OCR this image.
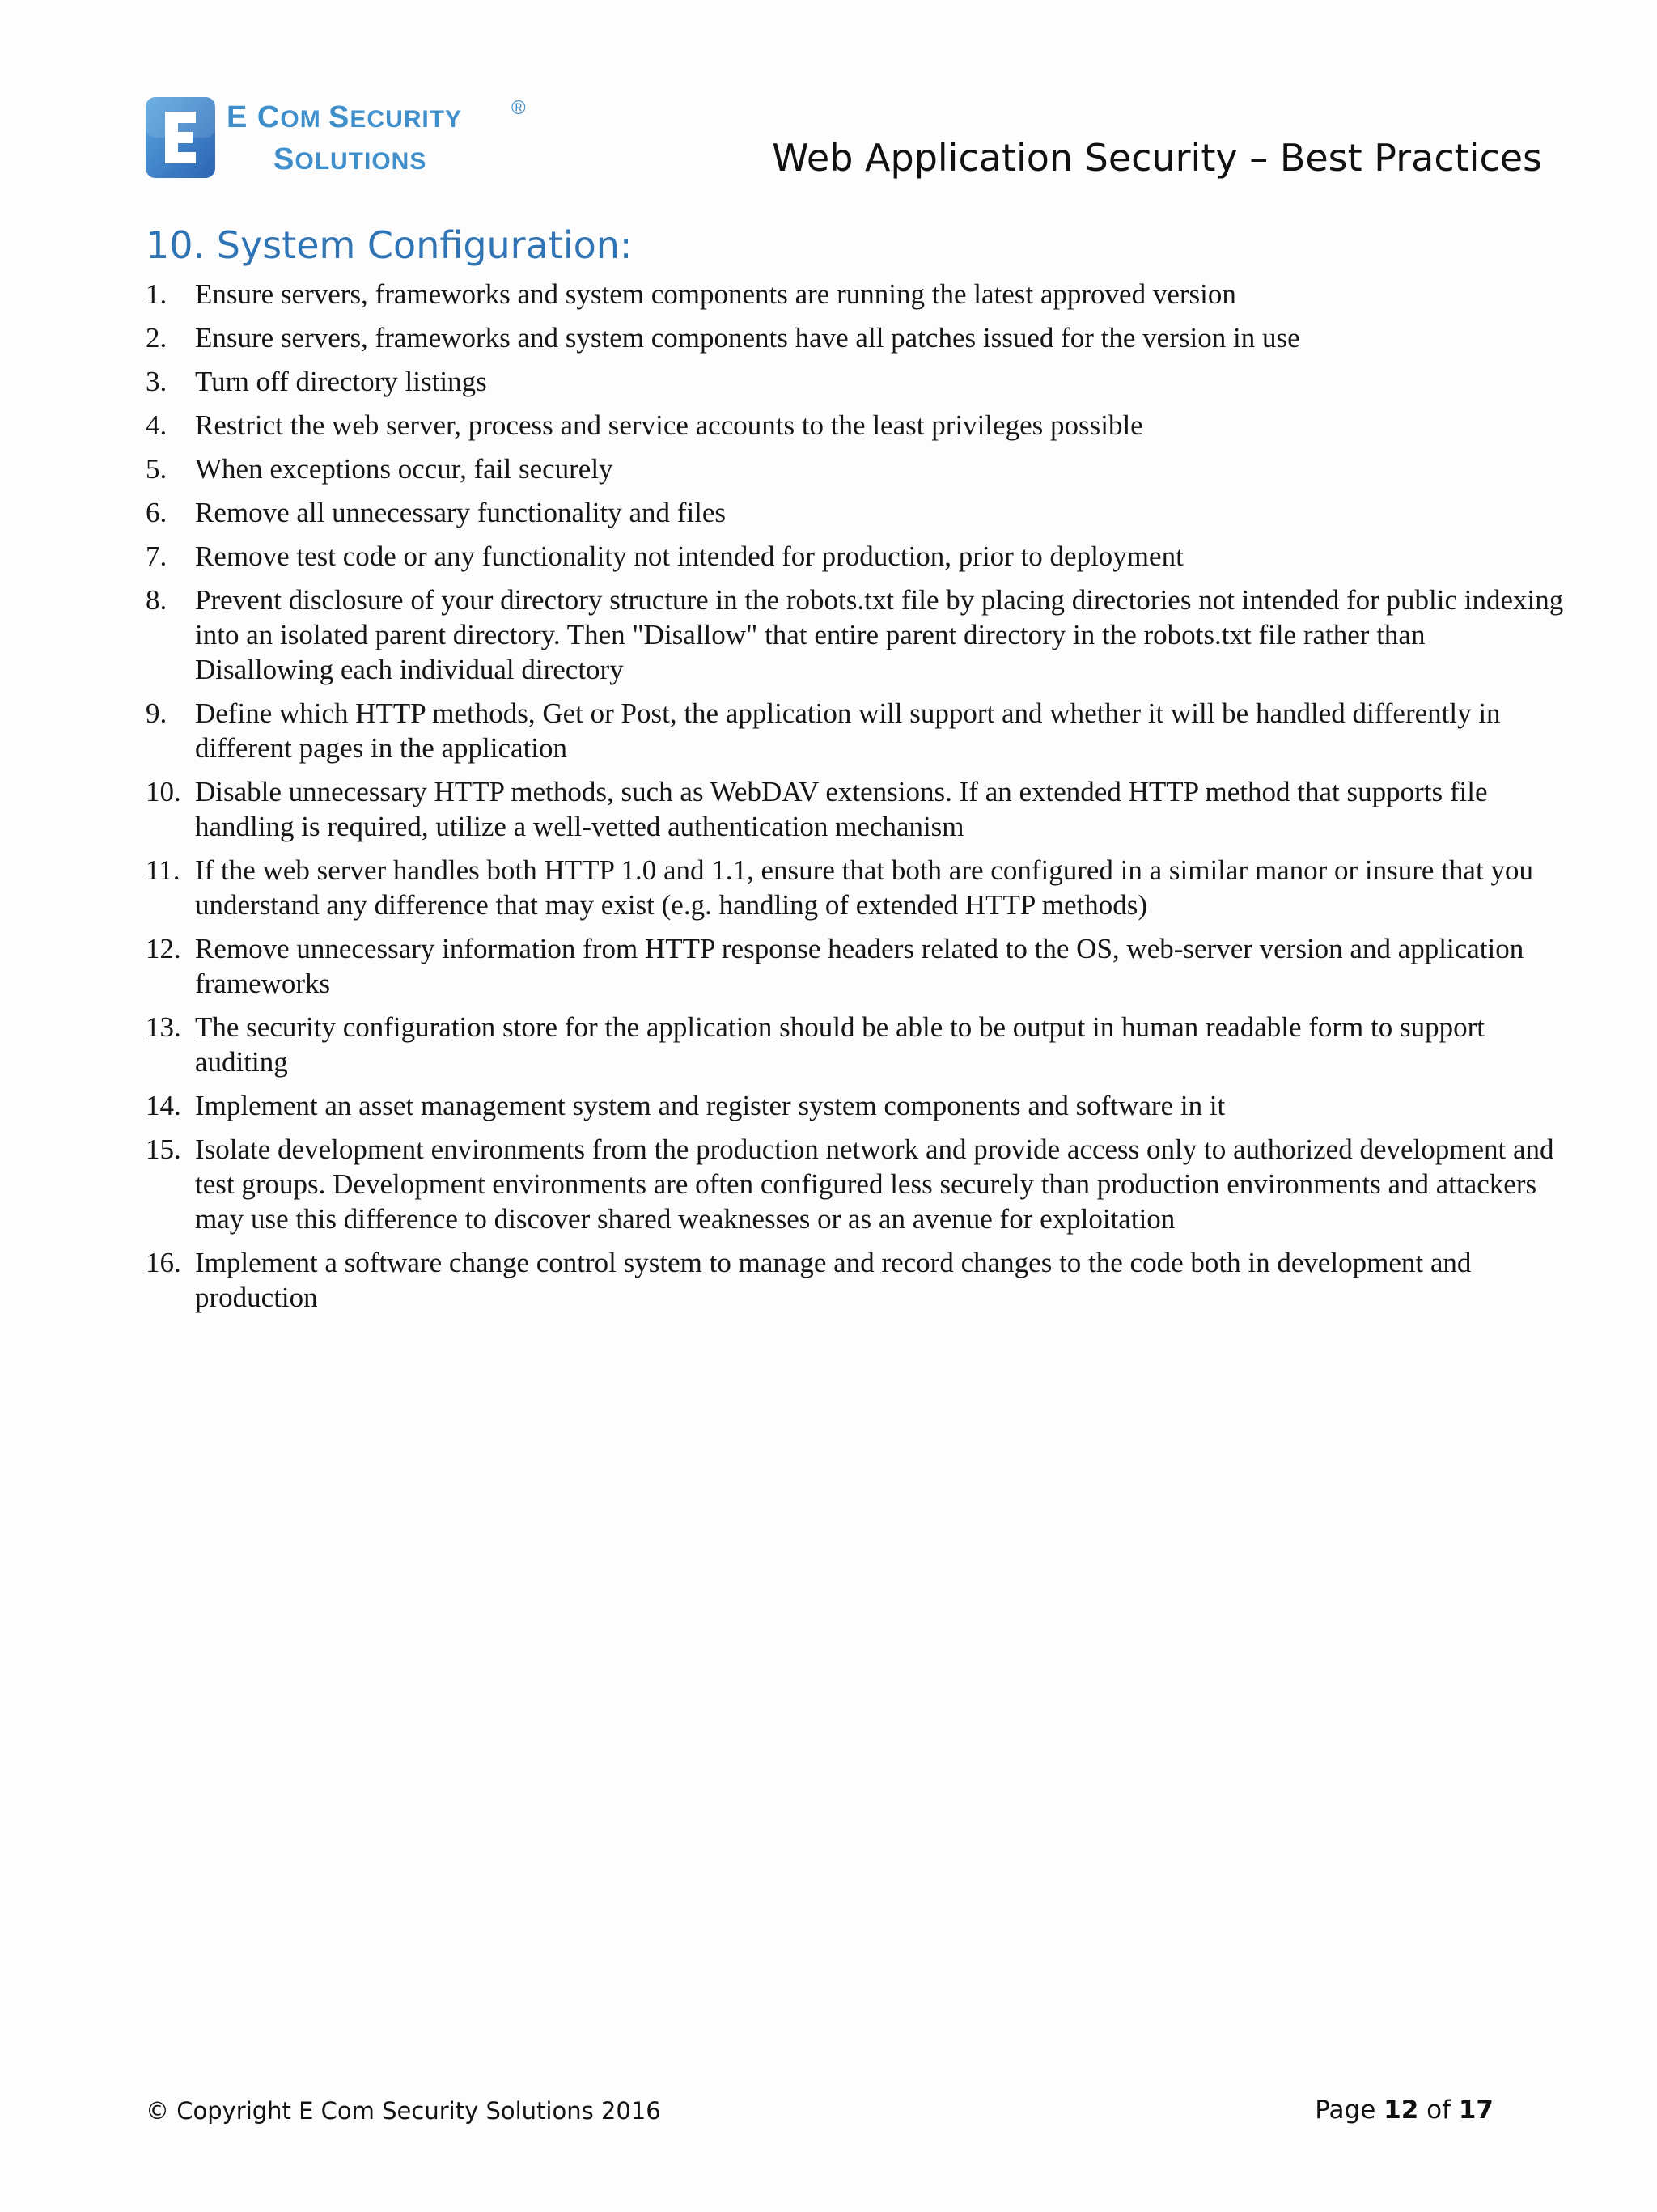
E COM SECURITY	®
SOLUTIONS	Web Application Security – Best Practices
10. System Configuration:
1. Ensure servers, frameworks and system components are running the latest approved version
2. Ensure servers, frameworks and system components have all patches issued for the version in use
3. Turn off directory listings
4. Restrict the web server, process and service accounts to the least privileges possible
5. When exceptions occur, fail securely
6. Remove all unnecessary functionality and files
7. Remove test code or any functionality not intended for production, prior to deployment
8. Prevent disclosure of your directory structure in the robots.txt file by placing directories not intended for public indexing into an isolated parent directory. Then "Disallow" that entire parent directory in the robots.txt file rather than Disallowing each individual directory
9. Define which HTTP methods, Get or Post, the application will support and whether it will be handled differently in different pages in the application
10. Disable unnecessary HTTP methods, such as WebDAV extensions. If an extended HTTP method that supports file handling is required, utilize a well-vetted authentication mechanism
11. If the web server handles both HTTP 1.0 and 1.1, ensure that both are configured in a similar manor or insure that you understand any difference that may exist (e.g. handling of extended HTTP methods)
12. Remove unnecessary information from HTTP response headers related to the OS, web-server version and application frameworks
13. The security configuration store for the application should be able to be output in human readable form to support auditing
14. Implement an asset management system and register system components and software in it
15. Isolate development environments from the production network and provide access only to authorized development and test groups. Development environments are often configured less securely than production environments and attackers may use this difference to discover shared weaknesses or as an avenue for exploitation
16. Implement a software change control system to manage and record changes to the code both in development and production
© Copyright E Com Security Solutions 2016	Page 12 of 17
